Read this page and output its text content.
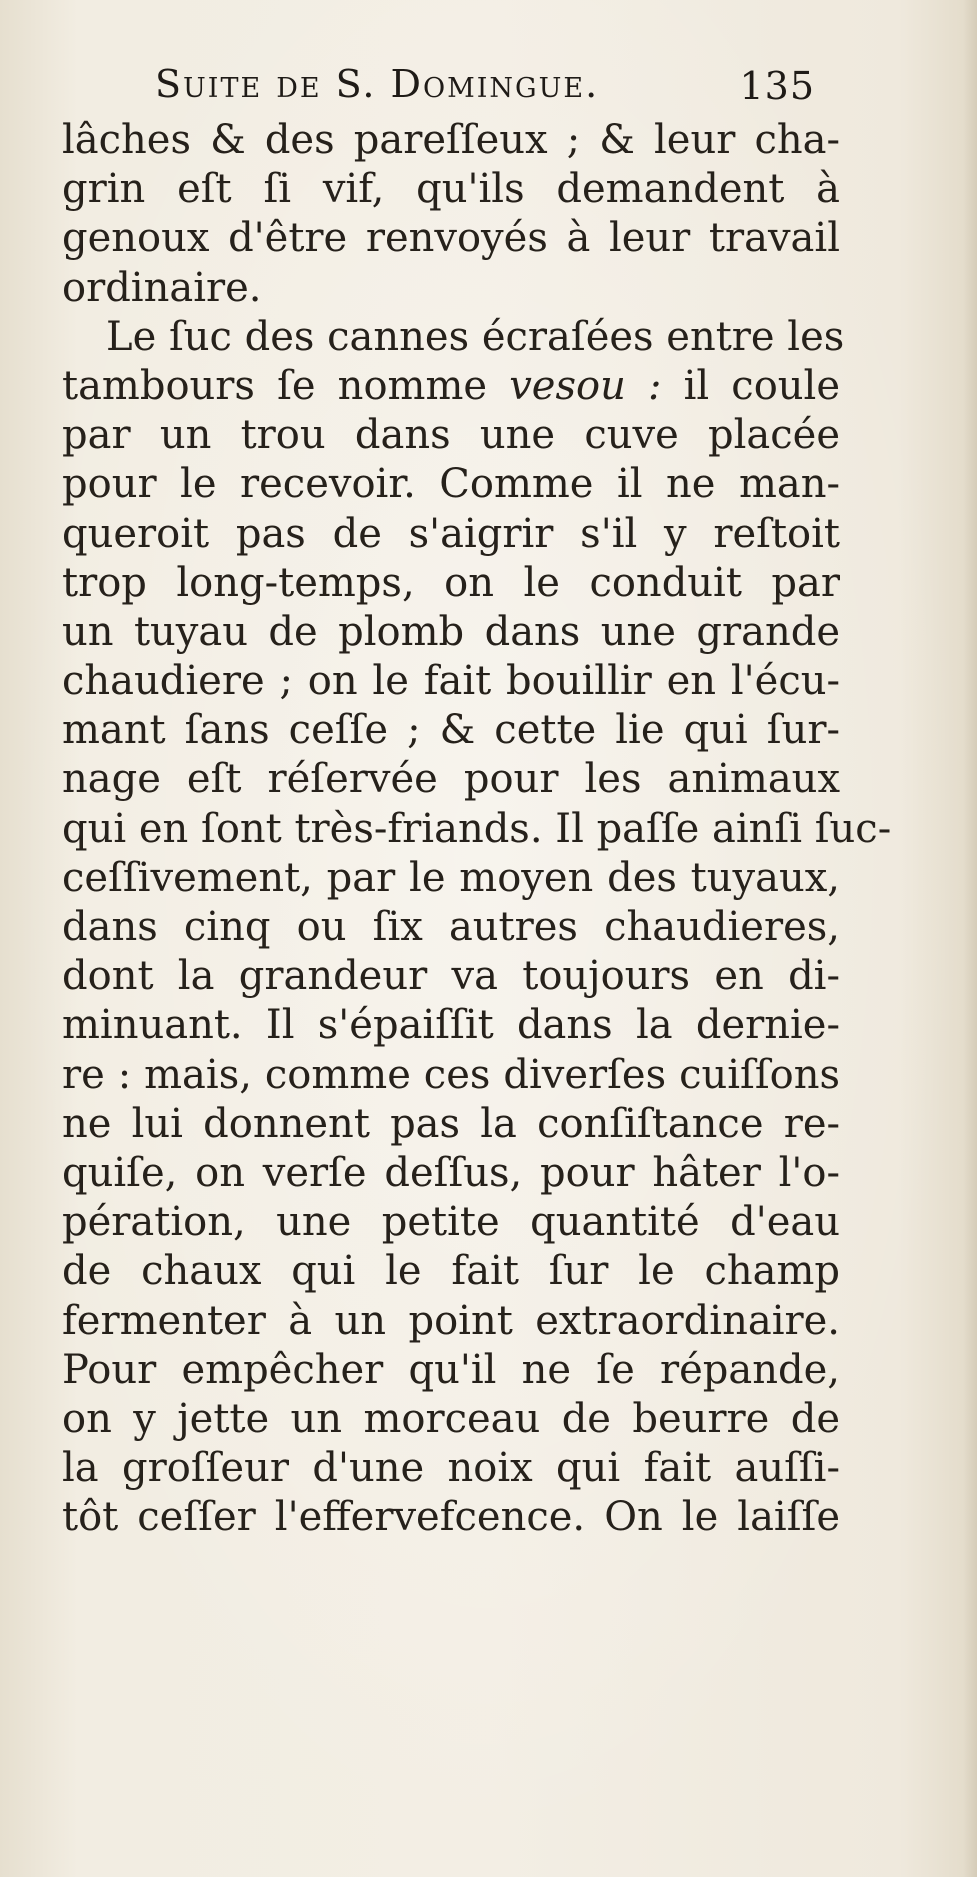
Suite de S. Domingue.	135
lâches & des pareſſeux ; & leur cha-
grin eſt ſi vif, qu'ils demandent à
genoux d'être renvoyés à leur travail
ordinaire.
Le ſuc des cannes écraſées entre les
tambours ſe nomme vesou : il coule
par un trou dans une cuve placée
pour le recevoir. Comme il ne man-
queroit pas de s'aigrir s'il y reſtoit
trop long-temps, on le conduit par
un tuyau de plomb dans une grande
chaudiere ; on le fait bouillir en l'écu-
mant ſans ceſſe ; & cette lie qui ſur-
nage eſt réſervée pour les animaux
qui en ſont très-friands. Il paſſe ainſi ſuc-
ceſſivement, par le moyen des tuyaux,
dans cinq ou ſix autres chaudieres,
dont la grandeur va toujours en di-
minuant. Il s'épaiſſit dans la dernie-
re : mais, comme ces diverſes cuiſſons
ne lui donnent pas la conſiſtance re-
quiſe, on verſe deſſus, pour hâter l'o-
pération, une petite quantité d'eau
de chaux qui le fait ſur le champ
fermenter à un point extraordinaire.
Pour empêcher qu'il ne ſe répande,
on y jette un morceau de beurre de
la groſſeur d'une noix qui fait auſſi-
tôt ceſſer l'effervefcence. On le laiſſe
